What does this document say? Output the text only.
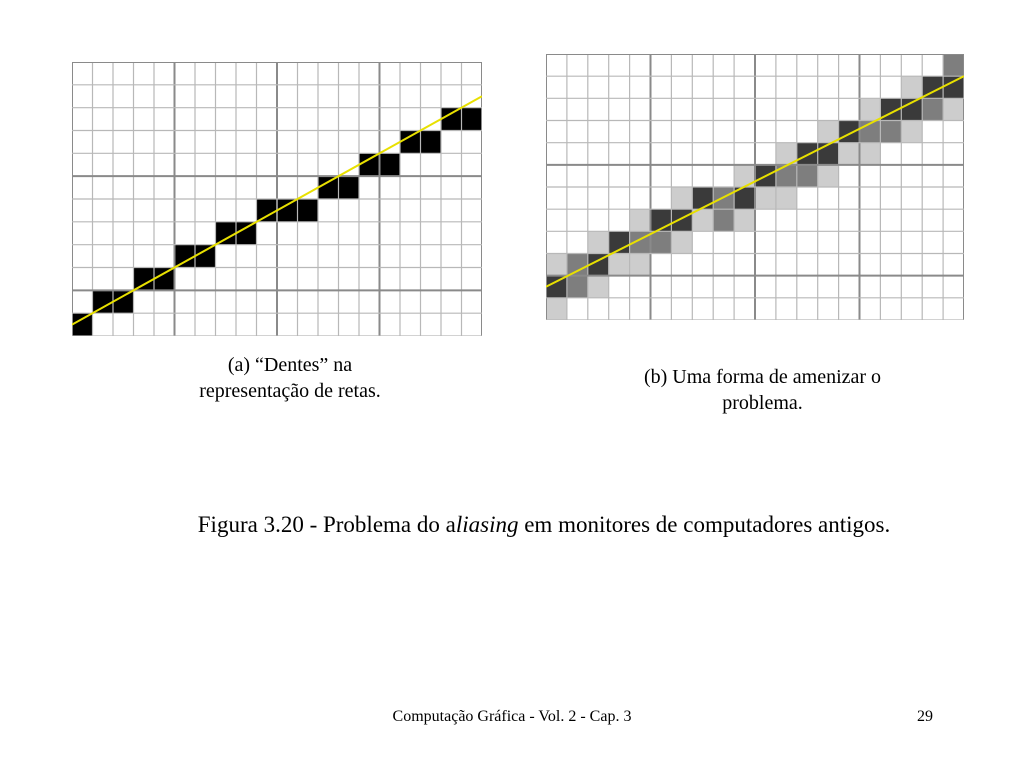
(a) “Dentes” na
representação de retas.

(b) Uma forma de amenizar o
problema.

Figura 3.20 - Problema do aliasing em monitores de computadores antigos.

Computação Gráfica - Vol. 2 - Cap. 3	29
